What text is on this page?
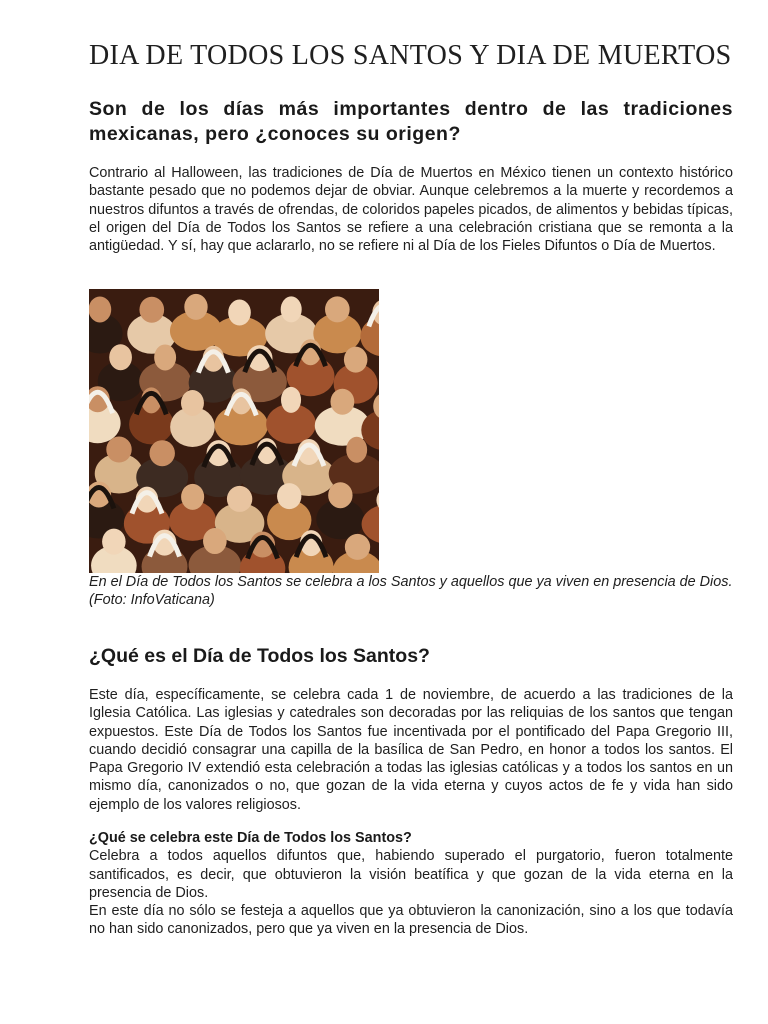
DIA DE TODOS LOS SANTOS Y DIA DE MUERTOS
Son de los días más importantes dentro de las tradiciones mexicanas, pero ¿conoces su origen?

Contrario al Halloween, las tradiciones de Día de Muertos en México tienen un contexto histórico bastante pesado que no podemos dejar de obviar. Aunque celebremos a la muerte y recordemos a nuestros difuntos a través de ofrendas, de coloridos papeles picados, de alimentos y bebidas típicas, el origen del Día de Todos los Santos se refiere a una celebración cristiana que se remonta a la antigüedad. Y sí, hay que aclararlo, no se refiere ni al Día de los Fieles Difuntos o Día de Muertos.

En el Día de Todos los Santos se celebra a los Santos y aquellos que ya viven en presencia de Dios. (Foto: InfoVaticana)

¿Qué es el Día de Todos los Santos?

Este día, específicamente, se celebra cada 1 de noviembre, de acuerdo a las tradiciones de la Iglesia Católica. Las iglesias y catedrales son decoradas por las reliquias de los santos que tengan expuestos. Este Día de Todos los Santos fue incentivada por el pontificado del Papa Gregorio III, cuando decidió consagrar una capilla de la basílica de San Pedro, en honor a todos los santos. El Papa Gregorio IV extendió esta celebración a todas las iglesias católicas y a todos los santos en un mismo día, canonizados o no, que gozan de la vida eterna y cuyos actos de fe y vida han sido ejemplo de los valores religiosos.

¿Qué se celebra este Día de Todos los Santos?

Celebra a todos aquellos difuntos que, habiendo superado el purgatorio, fueron totalmente santificados, es decir, que obtuvieron la visión beatífica y que gozan de la vida eterna en la presencia de Dios.

En este día no sólo se festeja a aquellos que ya obtuvieron la canonización, sino a los que todavía no han sido canonizados, pero que ya viven en la presencia de Dios.
